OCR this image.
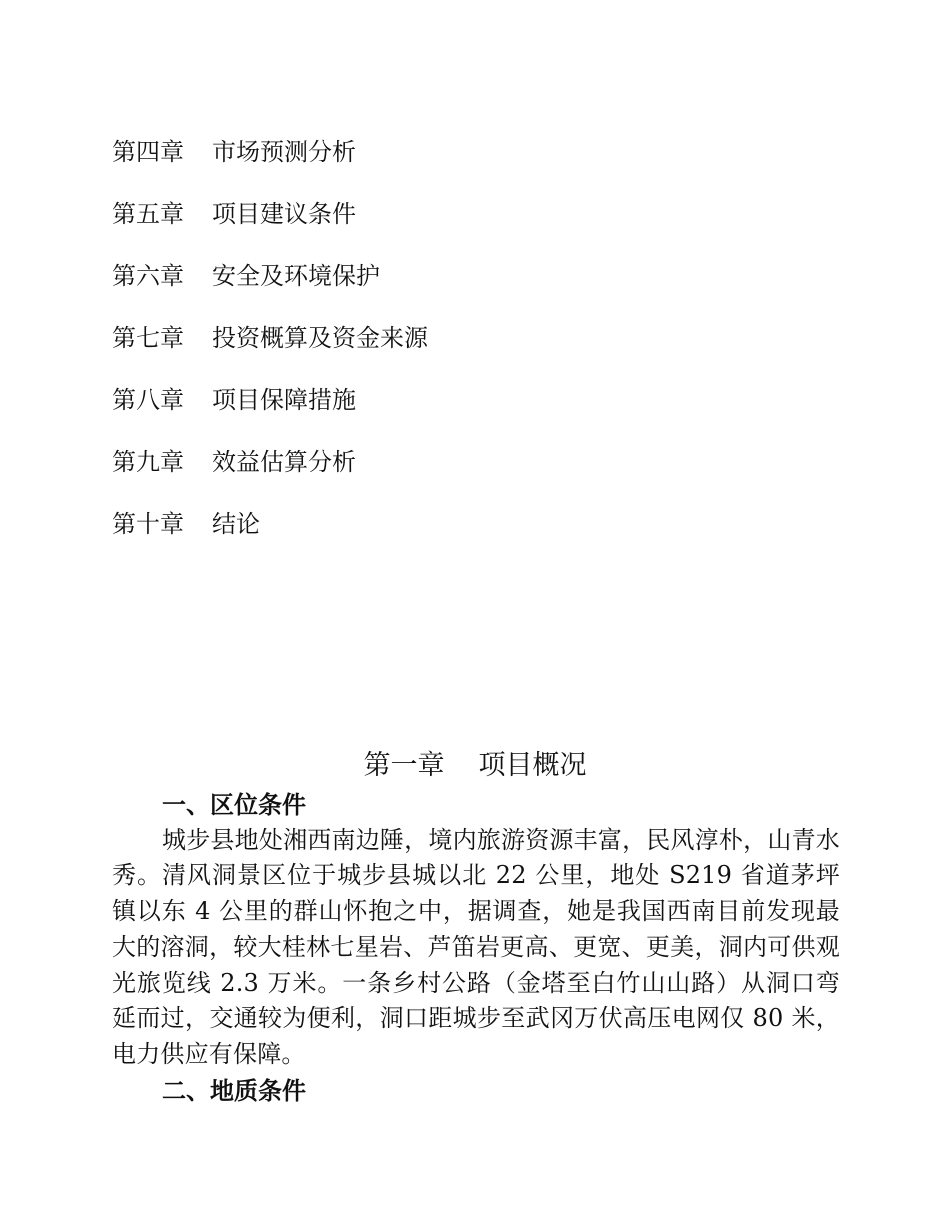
第四章 市场预测分析
第五章 项目建议条件
第六章 安全及环境保护
第七章 投资概算及资金来源
第八章 项目保障措施
第九章 效益估算分析
第十章 结论
第一章 项目概况
一、区位条件

城步县地处湘西南边陲，境内旅游资源丰富，民风淳朴，山青水秀。清风洞景区位于城步县城以北 22 公里，地处 S219 省道茅坪镇以东 4 公里的群山怀抱之中，据调查，她是我国西南目前发现最大的溶洞，较大桂林七星岩、芦笛岩更高、更宽、更美，洞内可供观光旅览线 2.3 万米。一条乡村公路（金塔至白竹山山路）从洞口弯延而过，交通较为便利，洞口距城步至武冈万伏高压电网仅 80 米，电力供应有保障。

二、地质条件
